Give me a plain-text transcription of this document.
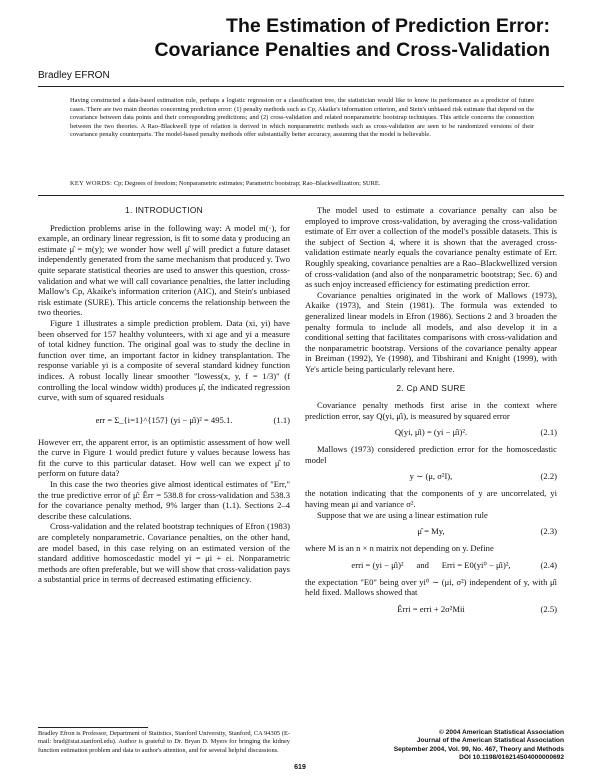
The Estimation of Prediction Error:
Covariance Penalties and Cross-Validation
Bradley EFRON
Having constructed a data-based estimation rule, perhaps a logistic regression or a classification tree, the statistician would like to know its performance as a predictor of future cases. There are two main theories concerning prediction error: (1) penalty methods such as Cp, Akaike's information criterion, and Stein's unbiased risk estimate that depend on the covariance between data points and their corresponding predictions; and (2) cross-validation and related nonparametric bootstrap techniques. This article concerns the connection between the two theories. A Rao–Blackwell type of relation is derived in which nonparametric methods such as cross-validation are seen to be randomized versions of their covariance penalty counterparts. The model-based penalty methods offer substantially better accuracy, assuming that the model is believable.
KEY WORDS: Cp; Degrees of freedom; Nonparametric estimates; Parametric bootstrap; Rao–Blackwellization; SURE.
1. INTRODUCTION

Prediction problems arise in the following way: A model m(·), for example, an ordinary linear regression, is fit to some data y producing an estimate μ̂ = m(y); we wonder how well μ̂ will predict a future dataset independently generated from the same mechanism that produced y. Two quite separate statistical theories are used to answer this question, cross-validation and what we will call covariance penalties, the latter including Mallow's Cp, Akaike's information criterion (AIC), and Stein's unbiased risk estimate (SURE). This article concerns the relationship between the two theories.

Figure 1 illustrates a simple prediction problem. Data (xi, yi) have been observed for 157 healthy volunteers, with xi age and yi a measure of total kidney function. The original goal was to study the decline in function over time, an important factor in kidney transplantation. The response variable yi is a composite of several standard kidney function indices. A robust locally linear smoother "lowess(x, y, f = 1/3)" (f controlling the local window width) produces μ̂, the indicated regression curve, with sum of squared residuals

err = Σ_{i=1}^{157} (yi − μ̂i)² = 495.1.	(1.1)

However err, the apparent error, is an optimistic assessment of how well the curve in Figure 1 would predict future y values because lowess has fit the curve to this particular dataset. How well can we expect μ̂ to perform on future data?

In this case the two theories give almost identical estimates of "Err," the true predictive error of μ̂: Êrr = 538.8 for cross-validation and 538.3 for the covariance penalty method, 9% larger than (1.1). Sections 2–4 describe these calculations.

Cross-validation and the related bootstrap techniques of Efron (1983) are completely nonparametric. Covariance penalties, on the other hand, are model based, in this case relying on an estimated version of the standard additive homoscedastic model yi = μi + εi. Nonparametric methods are often preferable, but we will show that cross-validation pays a substantial price in terms of decreased estimating efficiency.

The model used to estimate a covariance penalty can also be employed to improve cross-validation, by averaging the cross-validation estimate of Err over a collection of the model's possible datasets. This is the subject of Section 4, where it is shown that the averaged cross-validation estimate nearly equals the covariance penalty estimate of Err. Roughly speaking, covariance penalties are a Rao–Blackwellized version of cross-validation (and also of the nonparametric bootstrap; Sec. 6) and as such enjoy increased efficiency for estimating prediction error.

Covariance penalties originated in the work of Mallows (1973), Akaike (1973), and Stein (1981). The formula was extended to generalized linear models in Efron (1986). Sections 2 and 3 broaden the penalty formula to include all models, and also develop it in a conditional setting that facilitates comparisons with cross-validation and the nonparametric bootstrap. Versions of the covariance penalty appear in Breiman (1992), Ye (1998), and Tibshirani and Knight (1999), with Ye's article being particularly relevant here.

2. Cp AND SURE

Covariance penalty methods first arise in the context where prediction error, say Q(yi, μ̂i), is measured by squared error

Q(yi, μ̂i) = (yi − μ̂i)².	(2.1)

Mallows (1973) considered prediction error for the homoscedastic model

y ∼ (μ, σ²I),	(2.2)

the notation indicating that the components of y are uncorrelated, yi having mean μi and variance σ².

Suppose that we are using a linear estimation rule

μ̂ = My,	(2.3)

where M is an n × n matrix not depending on y. Define

erri = (yi − μ̂i)²      and      Erri = E0(yi⁰ − μ̂i)²,	(2.4)

the expectation "E0" being over yi⁰ ∼ (μi, σ²) independent of y, with μ̂i held fixed. Mallows showed that

Êrri = erri + 2σ²Mii	(2.5)
Bradley Efron is Professor, Department of Statistics, Stanford University, Stanford, CA 94305 (E-mail: brad@stat.stanford.edu). Author is grateful to Dr. Bryan D. Myers for bringing the kidney function estimation problem and data to author's attention, and for several helpful discussions.
© 2004 American Statistical Association
Journal of the American Statistical Association
September 2004, Vol. 99, No. 467, Theory and Methods
DOI 10.1198/016214504000000692
619
